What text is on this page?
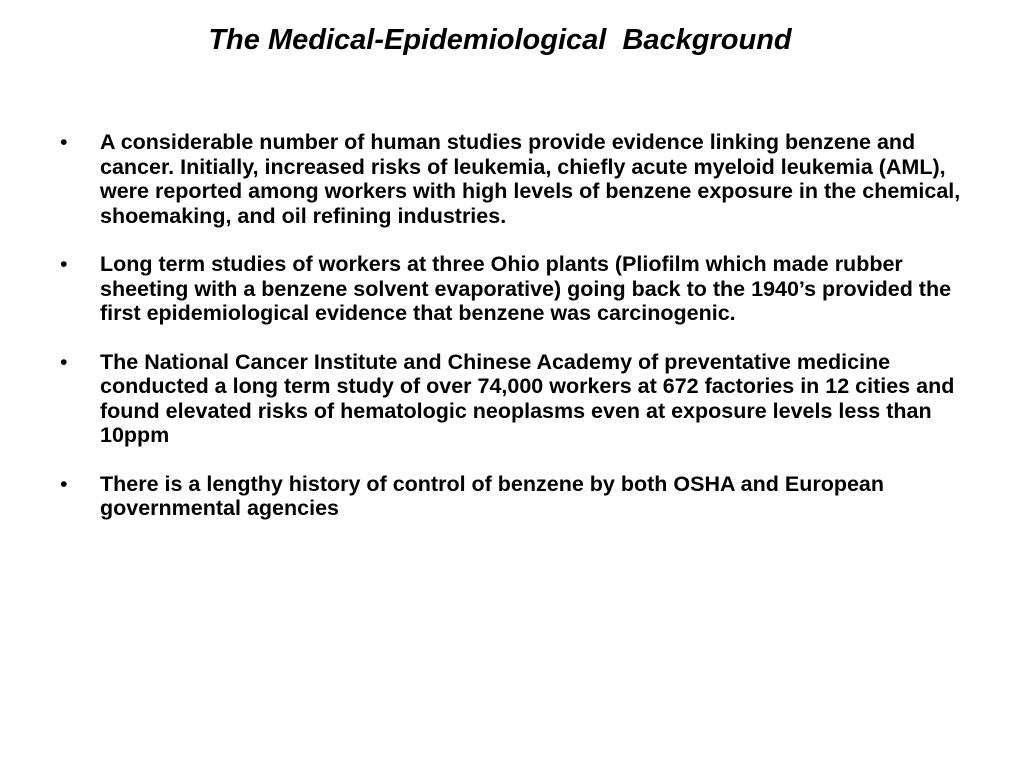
The Medical-Epidemiological  Background
•	A considerable number of human studies provide evidence linking benzene and cancer. Initially, increased risks of leukemia, chiefly acute myeloid leukemia (AML), were reported among workers with high levels of benzene exposure in the chemical, shoemaking, and oil refining industries.
•	Long term studies of workers at three Ohio plants (Pliofilm which made rubber sheeting with a benzene solvent evaporative) going back to the 1940’s provided the first epidemiological evidence that benzene was carcinogenic.
•	The National Cancer Institute and Chinese Academy of preventative medicine conducted a long term study of over 74,000 workers at 672 factories in 12 cities and found elevated risks of hematologic neoplasms even at exposure levels less than 10ppm
•	There is a lengthy history of control of benzene by both OSHA and European governmental agencies
